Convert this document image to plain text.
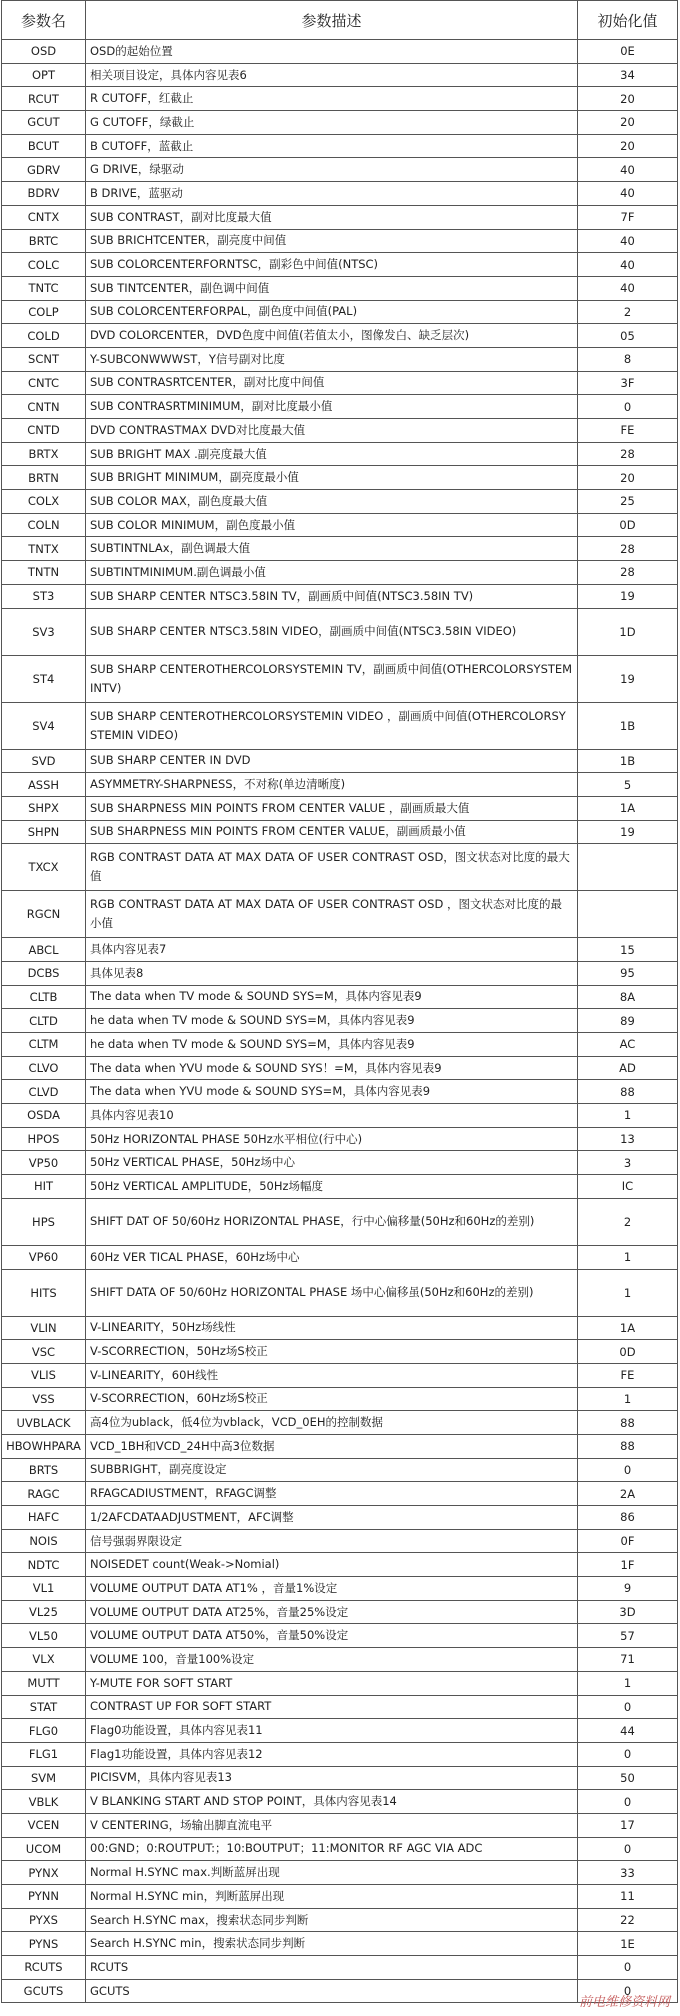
参数名	参数描述	初始化值
OSD	OSD的起始位置	0E
OPT	相关项目设定，具体内容见表6	34
RCUT	R CUTOFF，红截止	20
GCUT	G CUTOFF，绿截止	20
BCUT	B CUTOFF，蓝截止	20
GDRV	G DRIVE，绿驱动	40
BDRV	B DRIVE，蓝驱动	40
CNTX	SUB CONTRAST，副对比度最大值	7F
BRTC	SUB BRICHTCENTER，副亮度中间值	40
COLC	SUB COLORCENTERFORNTSC，副彩色中间值(NTSC)	40
TNTC	SUB TINTCENTER，副色调中间值	40
COLP	SUB COLORCENTERFORPAL，副色度中间值(PAL)	2
COLD	DVD COLORCENTER，DVD色度中间值(若值太小，图像发白、缺乏层次)	05
SCNT	Y-SUBCONWWWST，Y信号副对比度	8
CNTC	SUB CONTRASRTCENTER，副对比度中间值	3F
CNTN	SUB CONTRASRTMINIMUM，副对比度最小值	0
CNTD	DVD CONTRASTMAX DVD对比度最大值	FE
BRTX	SUB BRIGHT MAX .副亮度最大值	28
BRTN	SUB BRIGHT MINIMUM，副亮度最小值	20
COLX	SUB COLOR MAX，副色度最大值	25
COLN	SUB COLOR MINIMUM，副色度最小值	0D
TNTX	SUBTINTNLAx，副色调最大值	28
TNTN	SUBTINTMINIMUM.副色调最小值	28
ST3	SUB SHARP CENTER NTSC3.58IN TV，副画质中间值(NTSC3.58IN TV)	19
SV3	SUB SHARP CENTER NTSC3.58IN VIDEO，副画质中间值(NTSC3.58IN VIDEO)	1D
ST4	SUB SHARP CENTEROTHERCOLORSYSTEMIN TV，副画质中间值(OTHERCOLORSYSTEMINTV)	19
SV4	SUB SHARP CENTEROTHERCOLORSYSTEMIN VIDEO ，副画质中间值(OTHERCOLORSYSTEMIN VIDEO)	1B
SVD	SUB SHARP CENTER IN DVD	1B
ASSH	ASYMMETRY-SHARPNESS，不对称(单边清晰度)	5
SHPX	SUB SHARPNESS MIN POINTS FROM CENTER VALUE ，副画质最大值	1A
SHPN	SUB SHARPNESS MIN POINTS FROM CENTER VALUE，副画质最小值	19
TXCX	RGB CONTRAST DATA AT MAX DATA OF USER CONTRAST OSD，图文状态对比度的最大值	
RGCN	RGB CONTRAST DATA AT MAX DATA OF USER CONTRAST OSD ，图文状态对比度的最小值	
ABCL	具体内容见表7	15
DCBS	具体见表8	95
CLTB	The data when TV mode & SOUND SYS=M，具体内容见表9	8A
CLTD	he data when TV mode & SOUND SYS=M，具体内容见表9	89
CLTM	he data when TV mode & SOUND SYS=M，具体内容见表9	AC
CLVO	The data when YVU mode & SOUND SYS！=M，具体内容见表9	AD
CLVD	The data when YVU mode & SOUND SYS=M，具体内容见表9	88
OSDA	具体内容见表10	1
HPOS	50Hz HORIZONTAL PHASE 50Hz水平相位(行中心)	13
VP50	50Hz VERTICAL PHASE，50Hz场中心	3
HIT	50Hz VERTICAL AMPLITUDE，50Hz场幅度	IC
HPS	SHIFT DAT OF 50/60Hz HORIZONTAL PHASE，行中心偏移量(50Hz和60Hz的差别)	2
VP60	60Hz VER TICAL PHASE，60Hz场中心	1
HITS	SHIFT DATA OF 50/60Hz HORIZONTAL PHASE 场中心偏移虽(50Hz和60Hz的差别)	1
VLIN	V-LINEARITY，50Hz场线性	1A
VSC	V-SCORRECTION，50Hz场S校正	0D
VLIS	V-LINEARITY，60H线性	FE
VSS	V-SCORRECTION，60Hz场S校正	1
UVBLACK	高4位为ublack，低4位为vblack，VCD_0EH的控制数据	88
HBOWHPARA	VCD_1BH和VCD_24H中高3位数据	88
BRTS	SUBBRIGHT，副亮度设定	0
RAGC	RFAGCADIUSTMENT，RFAGC调整	2A
HAFC	1/2AFCDATAADJUSTMENT，AFC调整	86
NOIS	信号强弱界限设定	0F
NDTC	NOISEDET count(Weak->Nomial)	1F
VL1	VOLUME OUTPUT DATA AT1% ，音量1%设定	9
VL25	VOLUME OUTPUT DATA AT25%，音量25%设定	3D
VL50	VOLUME OUTPUT DATA AT50%，音量50%设定	57
VLX	VOLUME 100，音量100%设定	71
MUTT	Y-MUTE FOR SOFT START	1
STAT	CONTRAST UP FOR SOFT START	0
FLG0	Flag0功能设置，具体内容见表11	44
FLG1	Flag1功能设置，具体内容见表12	0
SVM	PICISVM，具体内容见表13	50
VBLK	V BLANKING START AND STOP POINT，具体内容见表14	0
VCEN	V CENTERING，场输出脚直流电平	17
UCOM	00:GND；0:ROUTPUT:；10:BOUTPUT；11:MONITOR RF AGC VIA ADC	0
PYNX	Normal H.SYNC max.判断蓝屏出现	33
PYNN	Normal H.SYNC min，判断蓝屏出现	11
PYXS	Search H.SYNC max，搜索状态同步判断	22
PYNS	Search H.SYNC min，搜索状态同步判断	1E
RCUTS	RCUTS	0
GCUTS	GCUTS	0
前电维修资料网
